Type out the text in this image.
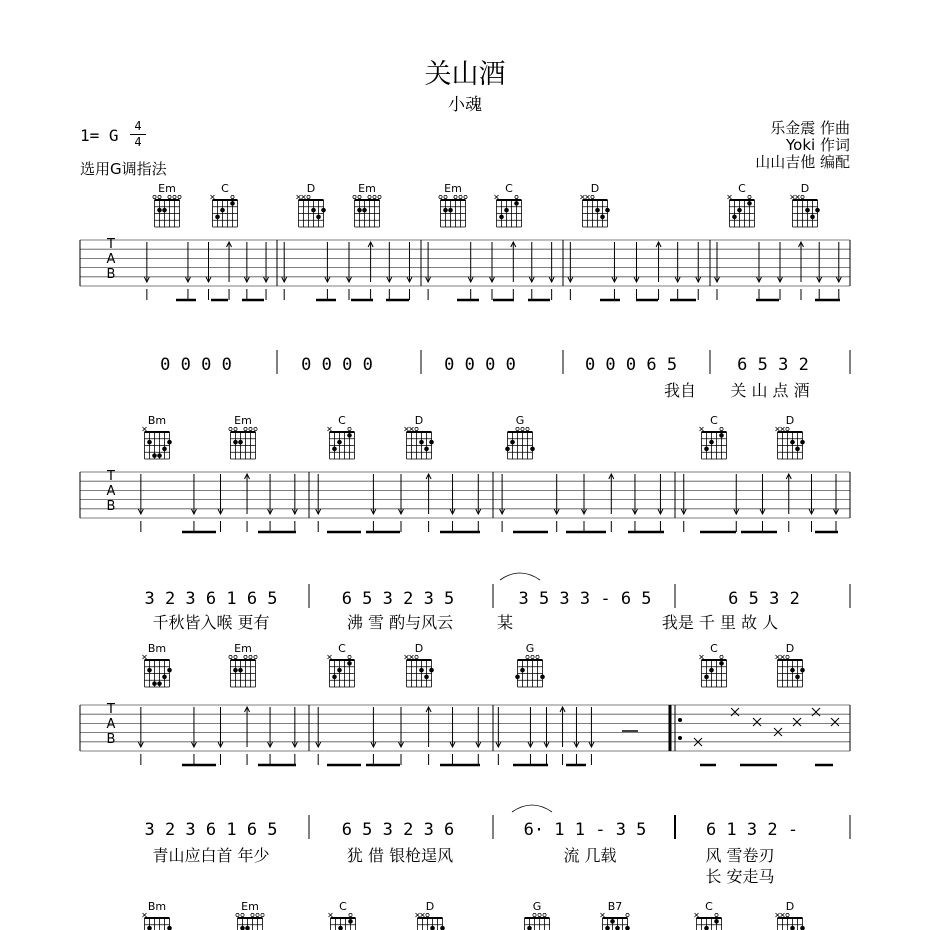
关山酒
小魂
1= G	4
4
选用G调指法
乐金震 作曲
Yoki 作词
山山吉他 编配
Em	C	D	Em	Em	C	D	C	D
T
A
B
0 0 0 0	0 0 0 0	0 0 0 0	0 0 0 6 5	6 5 3 2
我自 关 山 点 酒
Bm	Em	C	D	G	C	D
T
A
B
3 2 3 6 1 6 5	6 5 3 2 3 5	3 5 3 3 - 6 5	6 5 3 2
千秋皆入喉 更有	沸 雪 酌与风云	某	我是 千 里 故 人
Bm	Em	C	D	G	C	D
T
A
B
3 2 3 6 1 6 5	6 5 3 2 3 6	6· 1 1 - 3 5	6 1 3 2 -
青山应白首 年少	犹 借 银枪逞风	流 几载	风 雪卷刃
长 安走马
Bm	Em	C	D	G	B7	C	D
